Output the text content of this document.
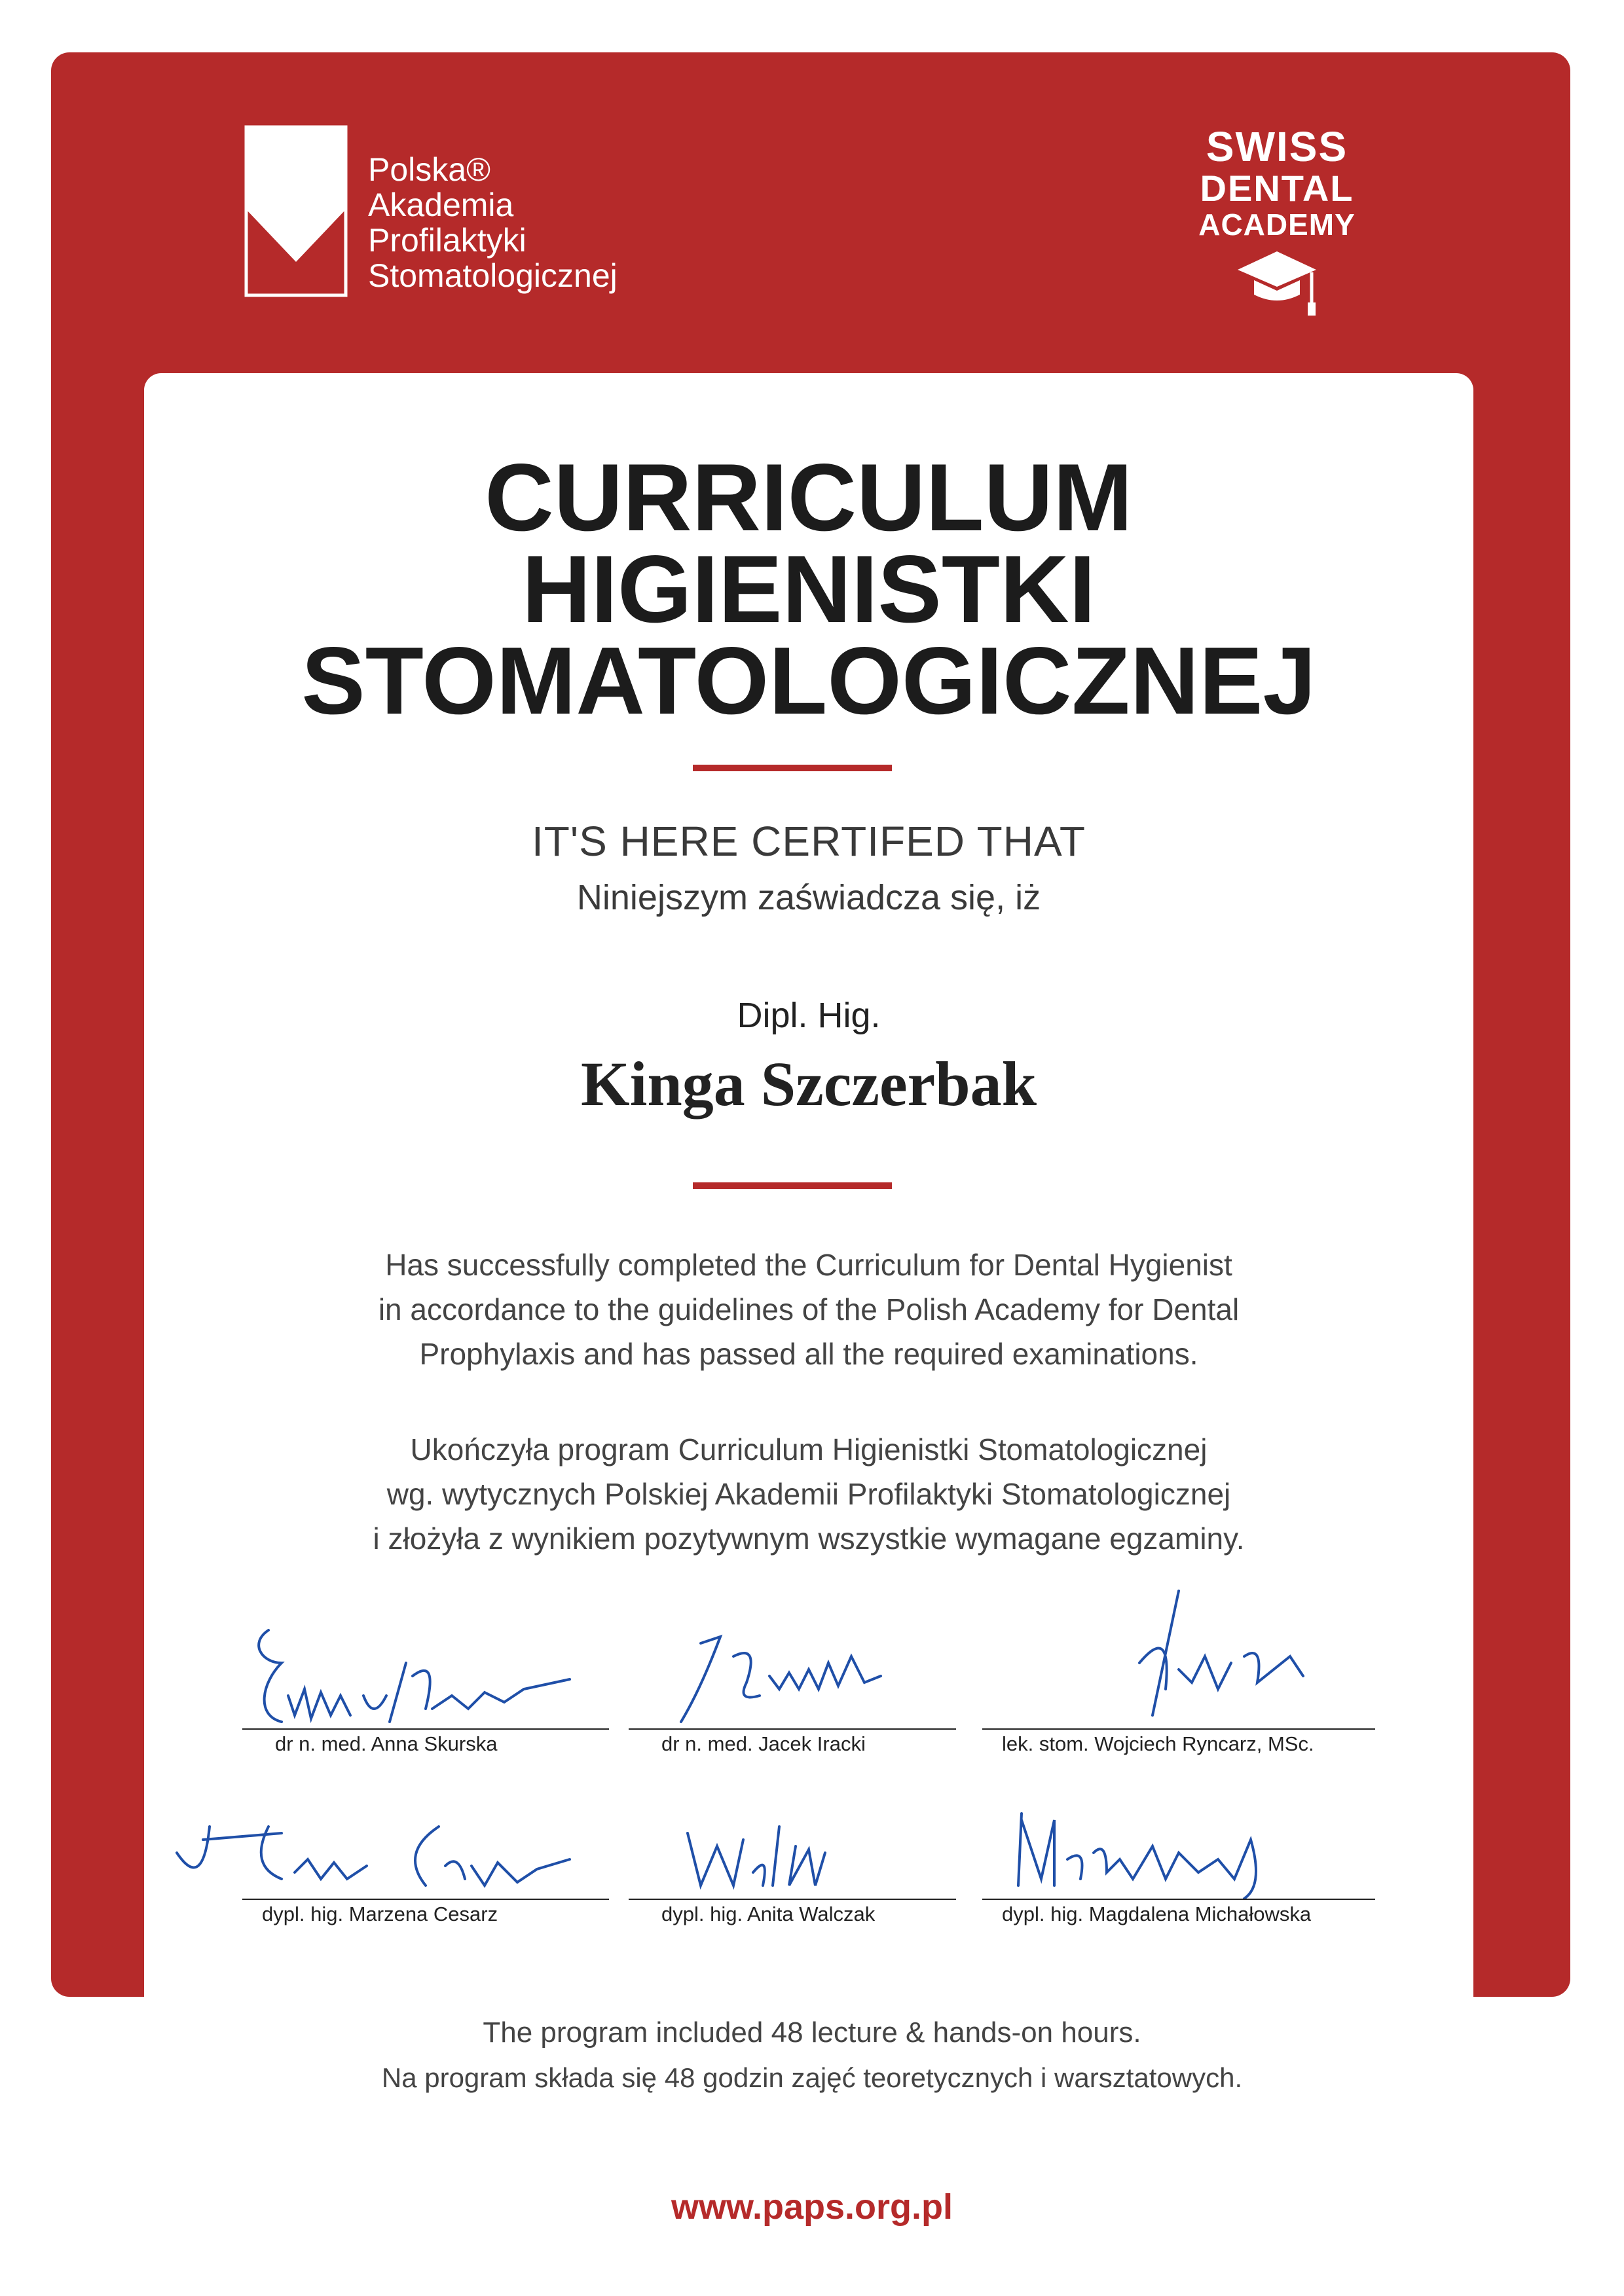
Polska®
Akademia
Profilaktyki
Stomatologicznej
SWISS
DENTAL
ACADEMY
CURRICULUM
HIGIENISTKI
STOMATOLOGICZNEJ
IT'S HERE CERTIFED THAT
Niniejszym zaświadcza się, iż
Dipl. Hig.
Kinga Szczerbak
Has successfully completed the Curriculum for Dental Hygienist
in accordance to the guidelines of the Polish Academy for Dental
Prophylaxis and has passed all the required examinations.
Ukończyła program Curriculum Higienistki Stomatologicznej
wg. wytycznych Polskiej Akademii Profilaktyki Stomatologicznej
i złożyła z wynikiem pozytywnym wszystkie wymagane egzaminy.
dr n. med. Anna Skurska	dr n. med. Jacek Iracki	lek. stom. Wojciech Ryncarz, MSc.
dypl. hig. Marzena Cesarz	dypl. hig. Anita Walczak	dypl. hig. Magdalena Michałowska
The program included 48 lecture & hands-on hours.
Na program składa się 48 godzin zajęć teoretycznych i warsztatowych.
www.paps.org.pl
